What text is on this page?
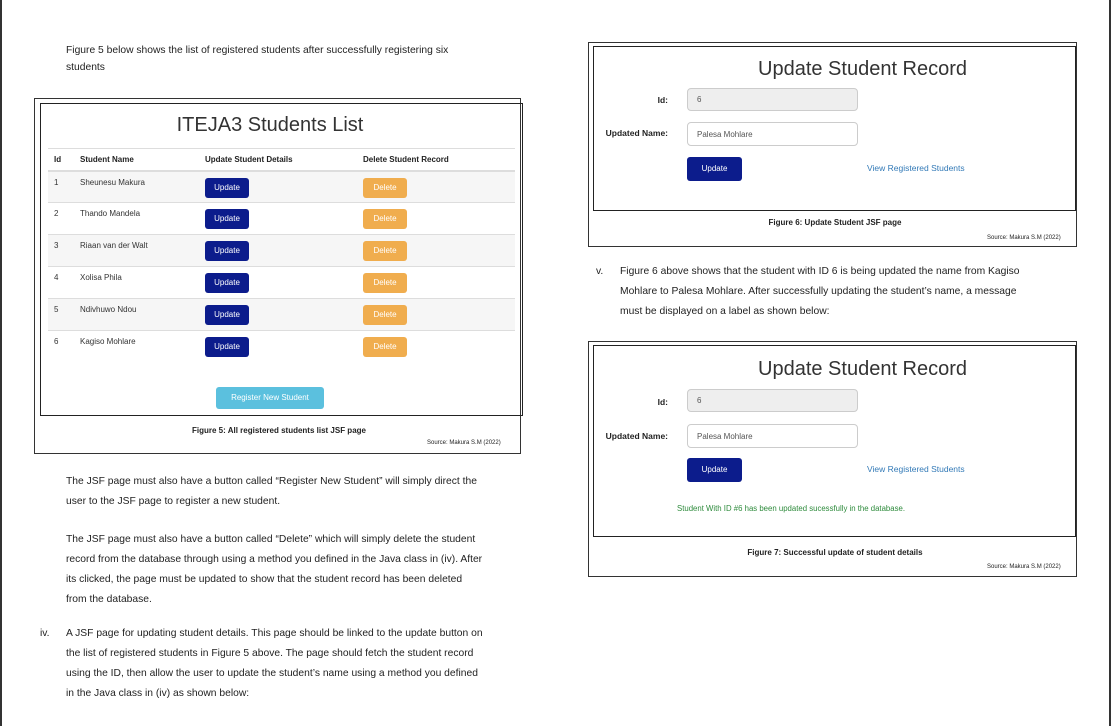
Figure 5 below shows the list of registered students after successfully registering six
students
ITEJA3 Students List
Id	Student Name	Update Student Details	Delete Student Record
1	Sheunesu Makura	Update	Delete
2	Thando Mandela	Update	Delete
3	Riaan van der Walt	Update	Delete
4	Xolisa Phila	Update	Delete
5	Ndivhuwo Ndou	Update	Delete
6	Kagiso Mohlare	Update	Delete
Register New Student
Figure 5: All registered students list JSF page
Source: Makura S.M (2022)
The JSF page must also have a button called “Register New Student” will simply direct the
user to the JSF page to register a new student.
The JSF page must also have a button called “Delete” which will simply delete the student
record from the database through using a method you defined in the Java class in (iv). After
its clicked, the page must be updated to show that the student record has been deleted
from the database.
iv. A JSF page for updating student details. This page should be linked to the update button on
the list of registered students in Figure 5 above. The page should fetch the student record
using the ID, then allow the user to update the student’s name using a method you defined
in the Java class in (iv) as shown below:
Update Student Record
Id:	6
Updated Name:	Palesa Mohlare
Update	View Registered Students
Figure 6: Update Student JSF page
Source: Makura S.M (2022)
v. Figure 6 above shows that the student with ID 6 is being updated the name from Kagiso
Mohlare to Palesa Mohlare. After successfully updating the student’s name, a message
must be displayed on a label as shown below:
Update Student Record
Id:	6
Updated Name:	Palesa Mohlare
Update	View Registered Students
Student With ID #6 has been updated sucessfully in the database.
Figure 7: Successful update of student details
Source: Makura S.M (2022)
